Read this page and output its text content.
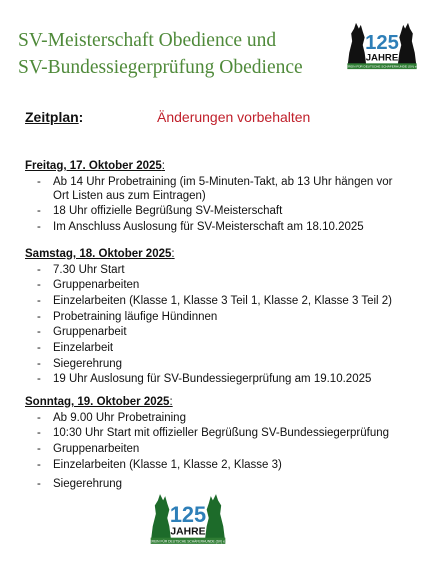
SV-Meisterschaft Obedience und
SV-Bundessiegerprüfung Obedience
125
JAHRE
VEREIN FÜR DEUTSCHE SCHÄFERHUNDE (SV) e.V.
Zeitplan:	Änderungen vorbehalten

Freitag, 17. Oktober 2025:

- Ab 14 Uhr Probetraining (im 5-Minuten-Takt, ab 13 Uhr hängen vor Ort Listen aus zum Eintragen)
- 18 Uhr offizielle Begrüßung SV-Meisterschaft
- Im Anschluss Auslosung für SV-Meisterschaft am 18.10.2025

Samstag, 18. Oktober 2025:

- 7.30 Uhr Start
- Gruppenarbeiten
- Einzelarbeiten (Klasse 1, Klasse 3 Teil 1, Klasse 2, Klasse 3 Teil 2)
- Probetraining läufige Hündinnen
- Gruppenarbeit
- Einzelarbeit
- Siegerehrung
- 19 Uhr Auslosung für SV-Bundessiegerprüfung am 19.10.2025

Sonntag, 19. Oktober 2025:

- Ab 9.00 Uhr Probetraining
- 10:30 Uhr Start mit offizieller Begrüßung SV-Bundessiegerprüfung
- Gruppenarbeiten
- Einzelarbeiten (Klasse 1, Klasse 2, Klasse 3)
- Siegerehrung
125
JAHRE
VEREIN FÜR DEUTSCHE SCHÄFERHUNDE (SV) e.V.
